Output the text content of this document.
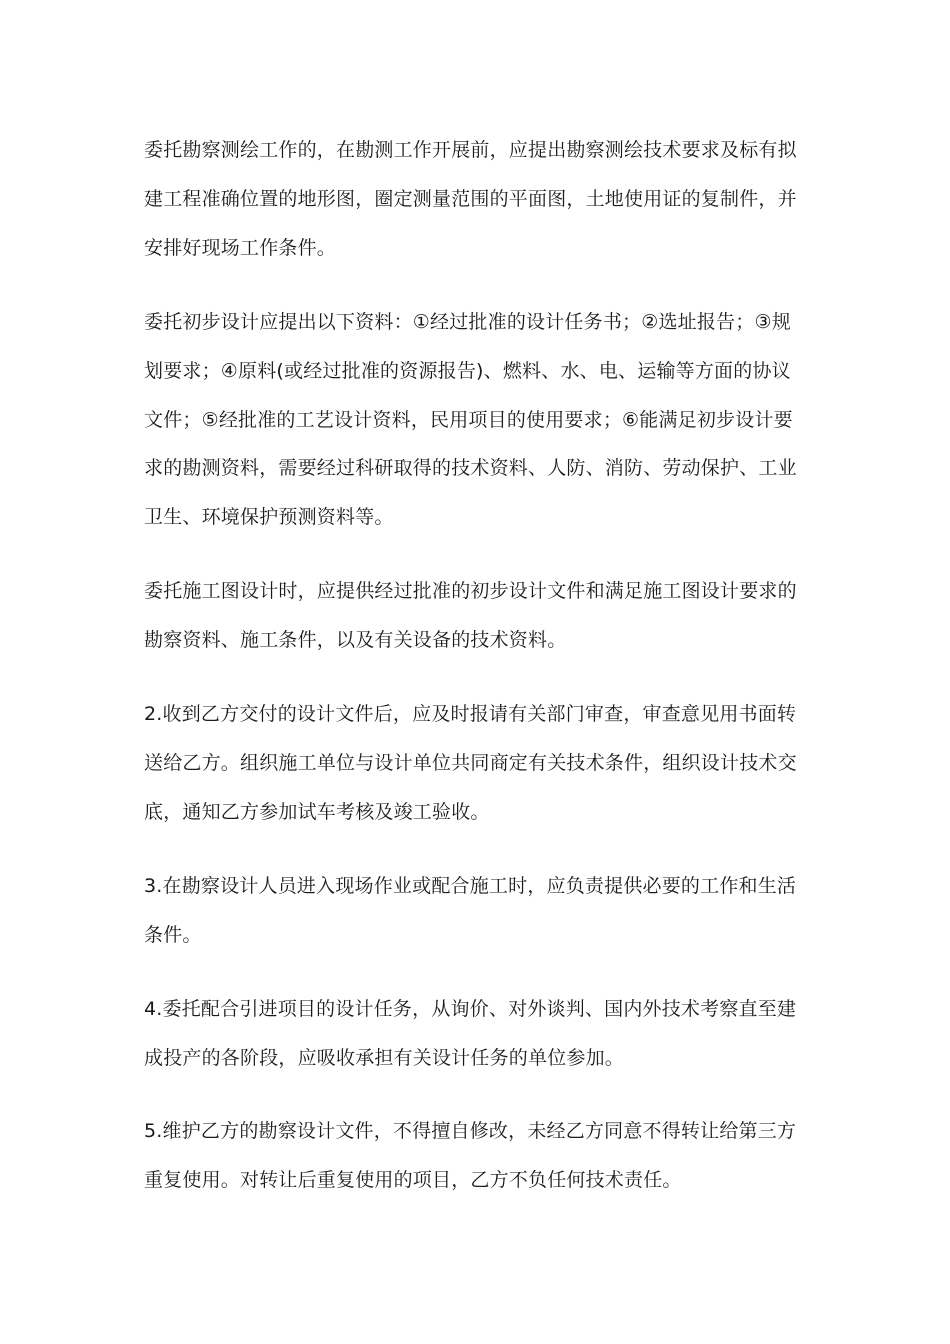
委托勘察测绘工作的，在勘测工作开展前，应提出勘察测绘技术要求及标有拟
建工程准确位置的地形图，圈定测量范围的平面图，土地使用证的复制件，并
安排好现场工作条件。

委托初步设计应提出以下资料：①经过批准的设计任务书；②选址报告；③规
划要求；④原料(或经过批准的资源报告)、燃料、水、电、运输等方面的协议
文件；⑤经批准的工艺设计资料，民用项目的使用要求；⑥能满足初步设计要
求的勘测资料，需要经过科研取得的技术资料、人防、消防、劳动保护、工业
卫生、环境保护预测资料等。

委托施工图设计时，应提供经过批准的初步设计文件和满足施工图设计要求的
勘察资料、施工条件，以及有关设备的技术资料。

2.收到乙方交付的设计文件后，应及时报请有关部门审查，审查意见用书面转
送给乙方。组织施工单位与设计单位共同商定有关技术条件，组织设计技术交
底，通知乙方参加试车考核及竣工验收。

3.在勘察设计人员进入现场作业或配合施工时，应负责提供必要的工作和生活
条件。

4.委托配合引进项目的设计任务，从询价、对外谈判、国内外技术考察直至建
成投产的各阶段，应吸收承担有关设计任务的单位参加。

5.维护乙方的勘察设计文件，不得擅自修改，未经乙方同意不得转让给第三方
重复使用。对转让后重复使用的项目，乙方不负任何技术责任。
